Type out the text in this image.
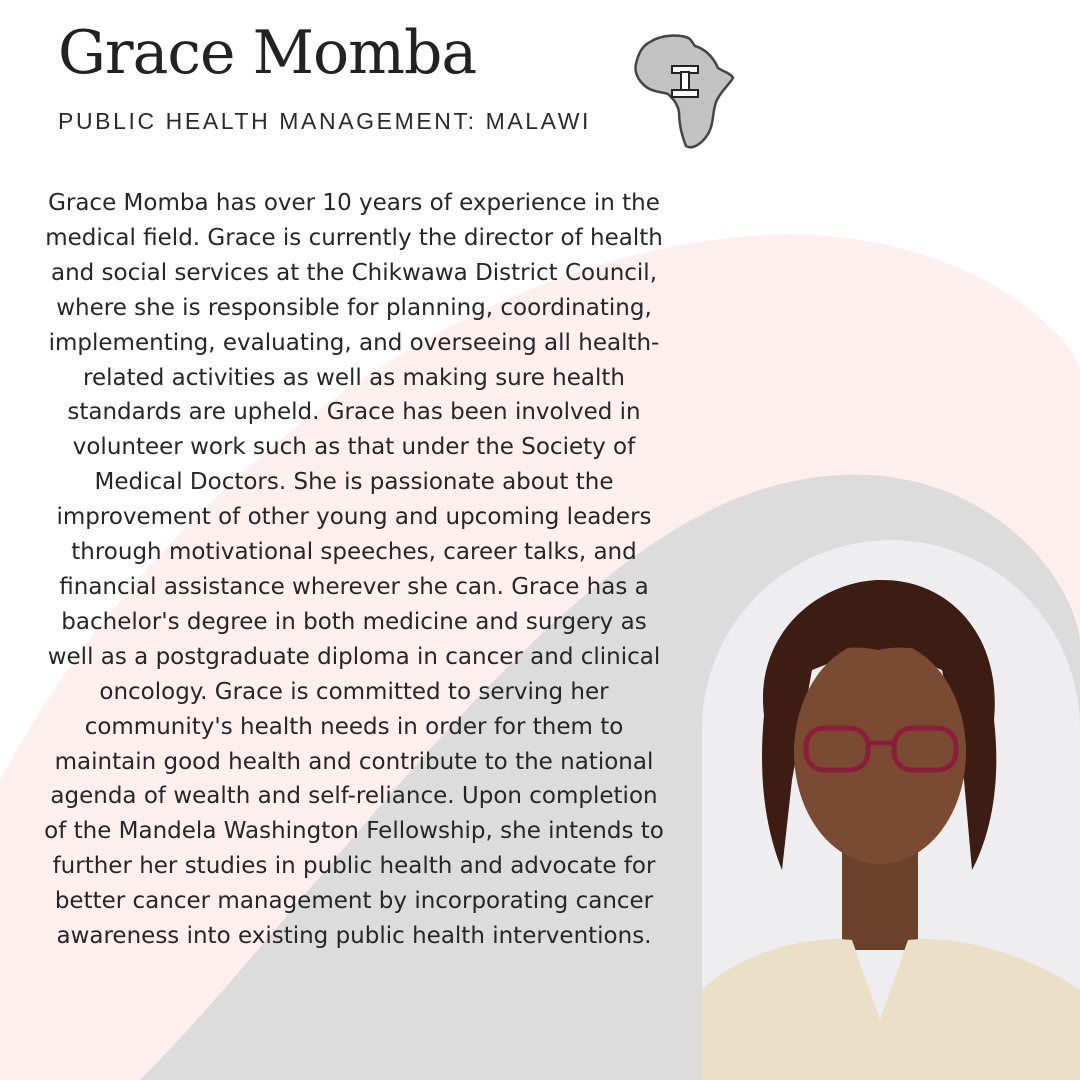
Grace Momba

PUBLIC HEALTH MANAGEMENT: MALAWI

Grace Momba has over 10 years of experience in the medical field. Grace is currently the director of health and social services at the Chikwawa District Council, where she is responsible for planning, coordinating, implementing, evaluating, and overseeing all health-related activities as well as making sure health standards are upheld. Grace has been involved in volunteer work such as that under the Society of Medical Doctors. She is passionate about the improvement of other young and upcoming leaders through motivational speeches, career talks, and financial assistance wherever she can. Grace has a bachelor's degree in both medicine and surgery as well as a postgraduate diploma in cancer and clinical oncology. Grace is committed to serving her community's health needs in order for them to maintain good health and contribute to the national agenda of wealth and self-reliance. Upon completion of the Mandela Washington Fellowship, she intends to further her studies in public health and advocate for better cancer management by incorporating cancer awareness into existing public health interventions.
